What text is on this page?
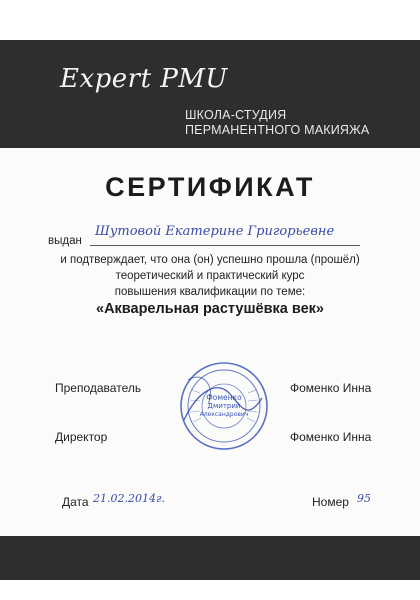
Expert PMU
ШКОЛА-СТУДИЯ
ПЕРМАНЕНТНОГО МАКИЯЖА
СЕРТИФИКАТ
выдан
Шутовой Екатерине Григорьевне
и подтверждает, что она (он) успешно прошла (прошёл)
теоретический и практический курс
повышения квалификации по теме:
«Акварельная растушёвка век»
Преподаватель	Фоменко Инна
Директор	Фоменко Инна
Фоменко
Дмитрий
Александрович
Дата 21.02.2014г.	Номер 95
